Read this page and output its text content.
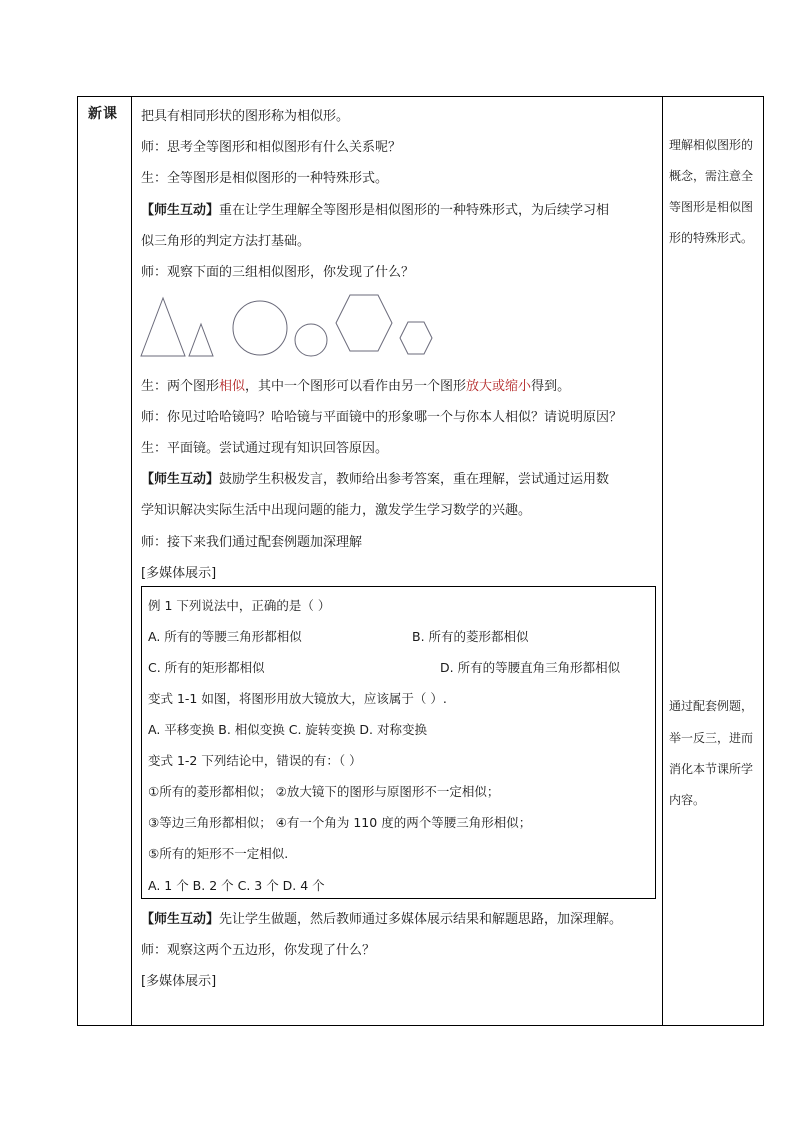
新课 把具有相同形状的图形称为相似形。
师：思考全等图形和相似图形有什么关系呢？
生：全等图形是相似图形的一种特殊形式。
【师生互动】重在让学生理解全等图形是相似图形的一种特殊形式，为后续学习相
似三角形的判定方法打基础。
师：观察下面的三组相似图形，你发现了什么？
生：两个图形相似，其中一个图形可以看作由另一个图形放大或缩小得到。
师：你见过哈哈镜吗？哈哈镜与平面镜中的形象哪一个与你本人相似？请说明原因？
生：平面镜。尝试通过现有知识回答原因。
【师生互动】鼓励学生积极发言，教师给出参考答案，重在理解，尝试通过运用数
学知识解决实际生活中出现问题的能力，激发学生学习数学的兴趣。
师：接下来我们通过配套例题加深理解
[多媒体展示]
例 1 下列说法中，正确的是（ ）
A. 所有的等腰三角形都相似	B. 所有的菱形都相似
C. 所有的矩形都相似	D. 所有的等腰直角三角形都相似
变式 1-1 如图，将图形用放大镜放大，应该属于（ ）.
A. 平移变换 B. 相似变换 C. 旋转变换 D. 对称变换
变式 1-2 下列结论中，错误的有：（ ）
①所有的菱形都相似； ②放大镜下的图形与原图形不一定相似；
③等边三角形都相似； ④有一个角为 110 度的两个等腰三角形相似；
⑤所有的矩形不一定相似.
A. 1 个 B. 2 个 C. 3 个 D. 4 个
【师生互动】先让学生做题，然后教师通过多媒体展示结果和解题思路，加深理解。
师：观察这两个五边形，你发现了什么？
[多媒体展示]
理解相似图形的
概念，需注意全
等图形是相似图
形的特殊形式。
通过配套例题，
举一反三，进而
消化本节课所学
内容。
